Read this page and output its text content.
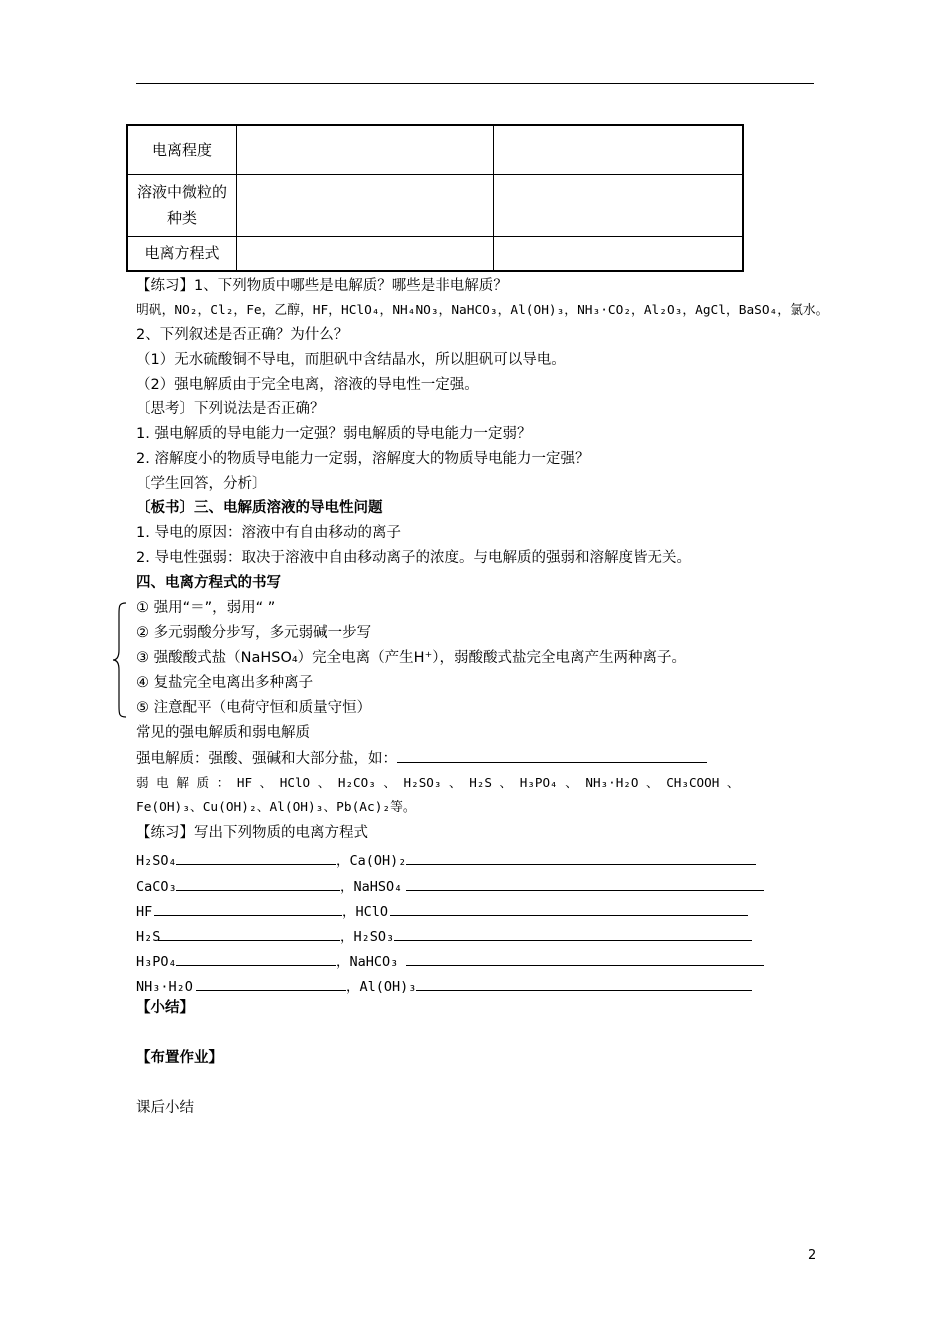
电离程度		
溶液中微粒的种类		
电离方程式		
【练习】1、下列物质中哪些是电解质？哪些是非电解质？
明矾，NO₂，Cl₂，Fe，乙醇，HF，HClO₄，NH₄NO₃，NaHCO₃，Al(OH)₃，NH₃·CO₂，Al₂O₃，AgCl，BaSO₄，氯水。
2、下列叙述是否正确？为什么？
（1）无水硫酸铜不导电，而胆矾中含结晶水，所以胆矾可以导电。
（2）强电解质由于完全电离，溶液的导电性一定强。
〔思考〕下列说法是否正确？
1. 强电解质的导电能力一定强？弱电解质的导电能力一定弱？
2. 溶解度小的物质导电能力一定弱，溶解度大的物质导电能力一定强？
〔学生回答，分析〕
〔板书〕三、电解质溶液的导电性问题
1. 导电的原因：溶液中有自由移动的离子
2. 导电性强弱：取决于溶液中自由移动离子的浓度。与电解质的强弱和溶解度皆无关。
四、电离方程式的书写
① 强用“＝”，弱用“ ”
② 多元弱酸分步写，多元弱碱一步写
③ 强酸酸式盐（NaHSO₄）完全电离（产生H⁺），弱酸酸式盐完全电离产生两种离子。
④ 复盐完全电离出多种离子
⑤ 注意配平（电荷守恒和质量守恒）
常见的强电解质和弱电解质
强电解质：强酸、强碱和大部分盐，如：
弱 电 解 质 ： HF 、 HClO 、 H₂CO₃ 、 H₂SO₃ 、 H₂S 、 H₃PO₄ 、 NH₃·H₂O 、 CH₃COOH 、
Fe(OH)₃、Cu(OH)₂、Al(OH)₃、Pb(Ac)₂等。
【练习】写出下列物质的电离方程式
H₂SO₄	，Ca(OH)₂
CaCO₃	，NaHSO₄
HF	，HClO
H₂S	，H₂SO₃
H₃PO₄	，NaHCO₃
NH₃·H₂O	，Al(OH)₃
【小结】
【布置作业】
课后小结
2
